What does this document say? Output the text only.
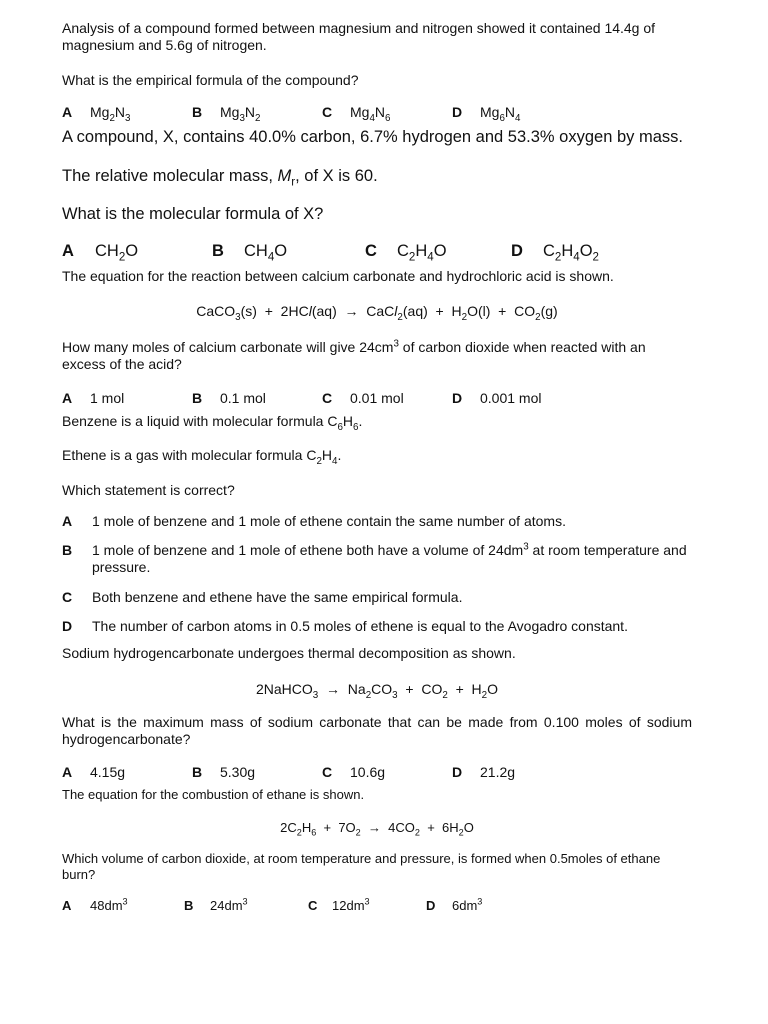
Analysis of a compound formed between magnesium and nitrogen showed it contained 14.4g of magnesium and 5.6g of nitrogen.

What is the empirical formula of the compound?

A	$Mg_2N_3$	B	$Mg_3N_2$	C	$Mg_4N_6$	D	$Mg_6N_4$

A compound, X, contains 40.0% carbon, 6.7% hydrogen and 53.3% oxygen by mass.

The relative molecular mass, $M_r$, of X is 60.

What is the molecular formula of X?

A	$CH_2O$	B	$CH_4O$	C	$C_2H_4O$	D	$C_2H_4O_2$

The equation for the reaction between calcium carbonate and hydrochloric acid is shown.

CaCO$_3$(s)  +  2HCl(aq)  →  CaCl$_2$(aq)  +  $H_2O(l) + CO_2(g)$

How many moles of calcium carbonate will give $24cm^3$ of carbon dioxide when reacted with an excess of the acid?

A	1 mol	B	0.1 mol	C	0.01 mol	D	0.001 mol

Benzene is a liquid with molecular formula $C_6H_6$.

Ethene is a gas with molecular formula $C_2H_4$.

Which statement is correct?

A	1 mole of benzene and 1 mole of ethene contain the same number of atoms.
B	1 mole of benzene and 1 mole of ethene both have a volume of $24dm^3$ at room temperature and pressure.
C	Both benzene and ethene have the same empirical formula.
D	The number of carbon atoms in 0.5 moles of ethene is equal to the Avogadro constant.

Sodium hydrogencarbonate undergoes thermal decomposition as shown.

2NaHCO$_3$  →  $Na_2CO_3 + CO_2 + H_2O$

What is the maximum mass of sodium carbonate that can be made from 0.100 moles of sodium hydrogencarbonate?

A	4.15g	B	5.30g	C	10.6g	D	21.2g

The equation for the combustion of ethane is shown.

$2C_2H_6 + 7O_2 \to 4CO_2 + 6H_2O$

Which volume of carbon dioxide, at room temperature and pressure, is formed when 0.5moles of ethane burn?

A	$48dm^3$	B	$24dm^3$	C	$12dm^3$	D	$6dm^3$
